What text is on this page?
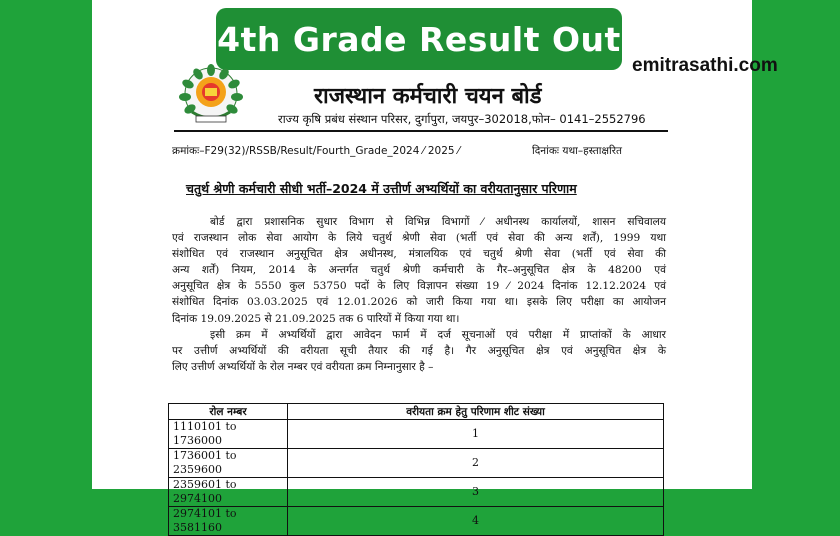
4th Grade Result Out
emitrasathi.com
राजस्थान कर्मचारी चयन बोर्ड
राज्य कृषि प्रबंध संस्थान परिसर, दुर्गापुरा, जयपुर–302018,फोन– 0141–2552796
क्रमांकः–F29(32)/RSSB/Result/Fourth_Grade_2024 ⁄ 2025 ⁄	दिनांकः यथा–हस्ताक्षरित
चतुर्थ श्रेणी कर्मचारी सीधी भर्ती–2024 में उत्तीर्ण अभ्यर्थियों का वरीयतानुसार परिणाम

बोर्ड द्वारा प्रशासनिक सुधार विभाग से विभिन्न विभागों ⁄ अधीनस्थ कार्यालयों, शासन सचिवालय
एवं राजस्थान लोक सेवा आयोग के लिये चतुर्थ श्रेणी सेवा (भर्ती एवं सेवा की अन्य शर्तें), 1999 यथा
संशोधित एवं राजस्थान अनुसूचित क्षेत्र अधीनस्थ, मंत्रालयिक एवं चतुर्थ श्रेणी सेवा (भर्ती एवं सेवा की
अन्य शर्तें) नियम, 2014 के अन्तर्गत चतुर्थ श्रेणी कर्मचारी के गैर–अनुसूचित क्षेत्र के 48200 एवं
अनुसूचित क्षेत्र के 5550 कुल 53750 पदों के लिए विज्ञापन संख्या 19 ⁄ 2024 दिनांक 12.12.2024 एवं
संशोधित दिनांक 03.03.2025 एवं 12.01.2026 को जारी किया गया था। इसके लिए परीक्षा का आयोजन
दिनांक 19.09.2025 से 21.09.2025 तक 6 पारियों में किया गया था।

इसी क्रम में अभ्यर्थियों द्वारा आवेदन फार्म में दर्ज सूचनाओं एवं परीक्षा में प्राप्तांकों के आधार
पर उत्तीर्ण अभ्यर्थियों की वरीयता सूची तैयार की गई है। गैर अनुसूचित क्षेत्र एवं अनुसूचित क्षेत्र के
लिए उत्तीर्ण अभ्यर्थियों के रोल नम्बर एवं वरीयता क्रम निम्नानुसार है –

रोल नम्बर	वरीयता क्रम हेतु परिणाम शीट संख्या
1110101 to 1736000	1
1736001 to 2359600	2
2359601 to 2974100	3
2974101 to 3581160	4
